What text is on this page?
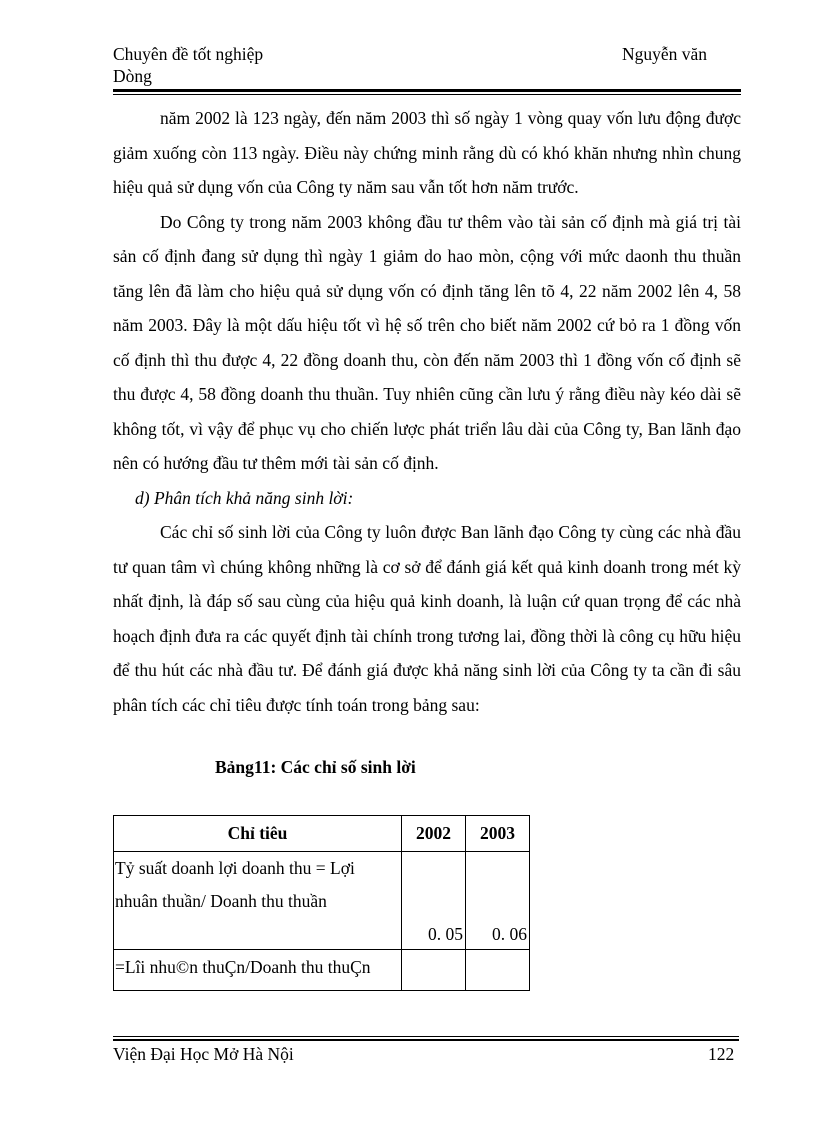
Chuyên đề tốt nghiệp
Dòng
Nguyễn văn

năm 2002 là 123 ngày, đến năm 2003 thì số ngày 1 vòng quay vốn lưu động được giảm xuống còn 113 ngày. Điều này chứng minh rằng dù có khó khăn nhưng nhìn chung hiệu quả sử dụng vốn của Công ty năm sau vẫn tốt hơn năm trước.

Do Công ty trong năm 2003 không đầu tư thêm vào tài sản cố định mà giá trị tài sản cố định đang sử dụng thì ngày 1 giảm do hao mòn, cộng với mức daonh thu thuần tăng lên đã làm cho hiệu quả sử dụng vốn có định tăng lên tõ 4, 22 năm 2002 lên 4, 58 năm 2003. Đây là một dấu hiệu tốt vì hệ số trên cho biết năm 2002 cứ bỏ ra 1 đồng vốn cố định thì thu được 4, 22 đồng doanh thu, còn đến năm 2003 thì 1 đồng vốn cố định sẽ thu được 4, 58 đồng doanh thu thuần. Tuy nhiên cũng cần lưu ý rằng điều này kéo dài sẽ không tốt, vì vậy để phục vụ cho chiến lược phát triển lâu dài của Công ty, Ban lãnh đạo nên có hướng đầu tư thêm mới tài sản cố định.

d) Phân tích khả năng sinh lời:

Các chỉ số sinh lời của Công ty luôn được Ban lãnh đạo Công ty cùng các nhà đầu tư quan tâm vì chúng không những là cơ sở để đánh giá kết quả kinh doanh trong mét kỳ nhất định, là đáp số sau cùng của hiệu quả kinh doanh, là luận cứ quan trọng để các nhà hoạch định đưa ra các quyết định tài chính trong tương lai, đồng thời là công cụ hữu hiệu để thu hút các nhà đầu tư. Để đánh giá được khả năng sinh lời của Công ty ta cần đi sâu phân tích các chỉ tiêu được tính toán trong bảng sau:

Bảng11: Các chỉ số sinh lời
Chỉ tiêu	2002	2003
Tỷ suất doanh lợi doanh thu = Lợi nhuân thuần/ Doanh thu thuần	0. 05	0. 06
=Lîi nhu©n thuÇn/Doanh thu thuÇn		
Viện Đại Học Mở Hà Nội	122
